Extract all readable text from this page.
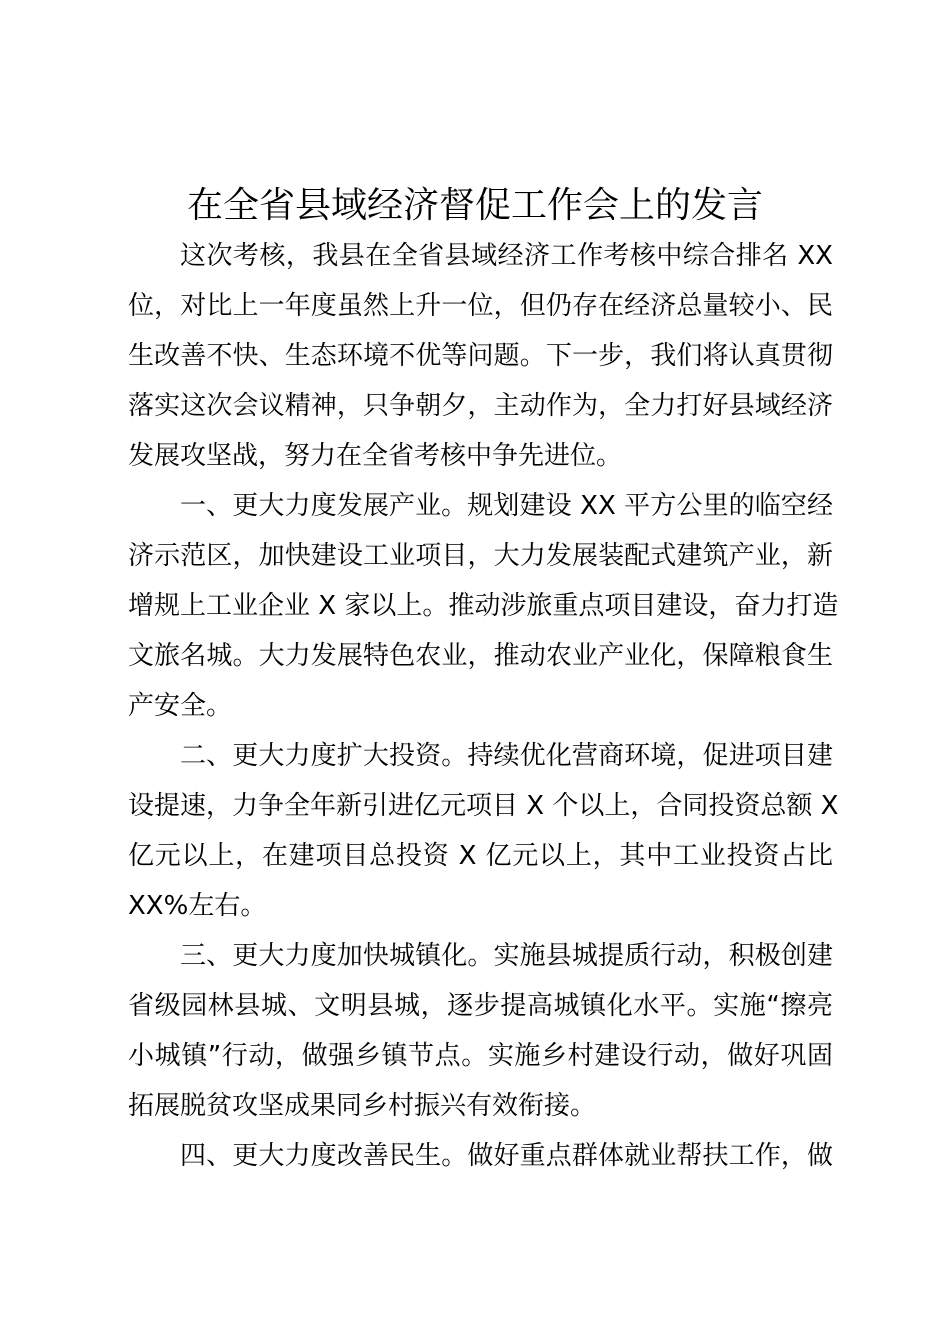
在全省县域经济督促工作会上的发言

这次考核，我县在全省县域经济工作考核中综合排名 XX

位，对比上一年度虽然上升一位，但仍存在经济总量较小、民

生改善不快、生态环境不优等问题。下一步，我们将认真贯彻

落实这次会议精神，只争朝夕，主动作为，全力打好县域经济

发展攻坚战，努力在全省考核中争先进位。

一、更大力度发展产业。规划建设 XX 平方公里的临空经

济示范区，加快建设工业项目，大力发展装配式建筑产业，新

增规上工业企业 X 家以上。推动涉旅重点项目建设，奋力打造

文旅名城。大力发展特色农业，推动农业产业化，保障粮食生

产安全。

二、更大力度扩大投资。持续优化营商环境，促进项目建

设提速，力争全年新引进亿元项目 X 个以上，合同投资总额 X

亿元以上，在建项目总投资 X 亿元以上，其中工业投资占比

XX%左右。

三、更大力度加快城镇化。实施县城提质行动，积极创建

省级园林县城、文明县城，逐步提高城镇化水平。实施“擦亮

小城镇”行动，做强乡镇节点。实施乡村建设行动，做好巩固

拓展脱贫攻坚成果同乡村振兴有效衔接。

四、更大力度改善民生。做好重点群体就业帮扶工作，做
